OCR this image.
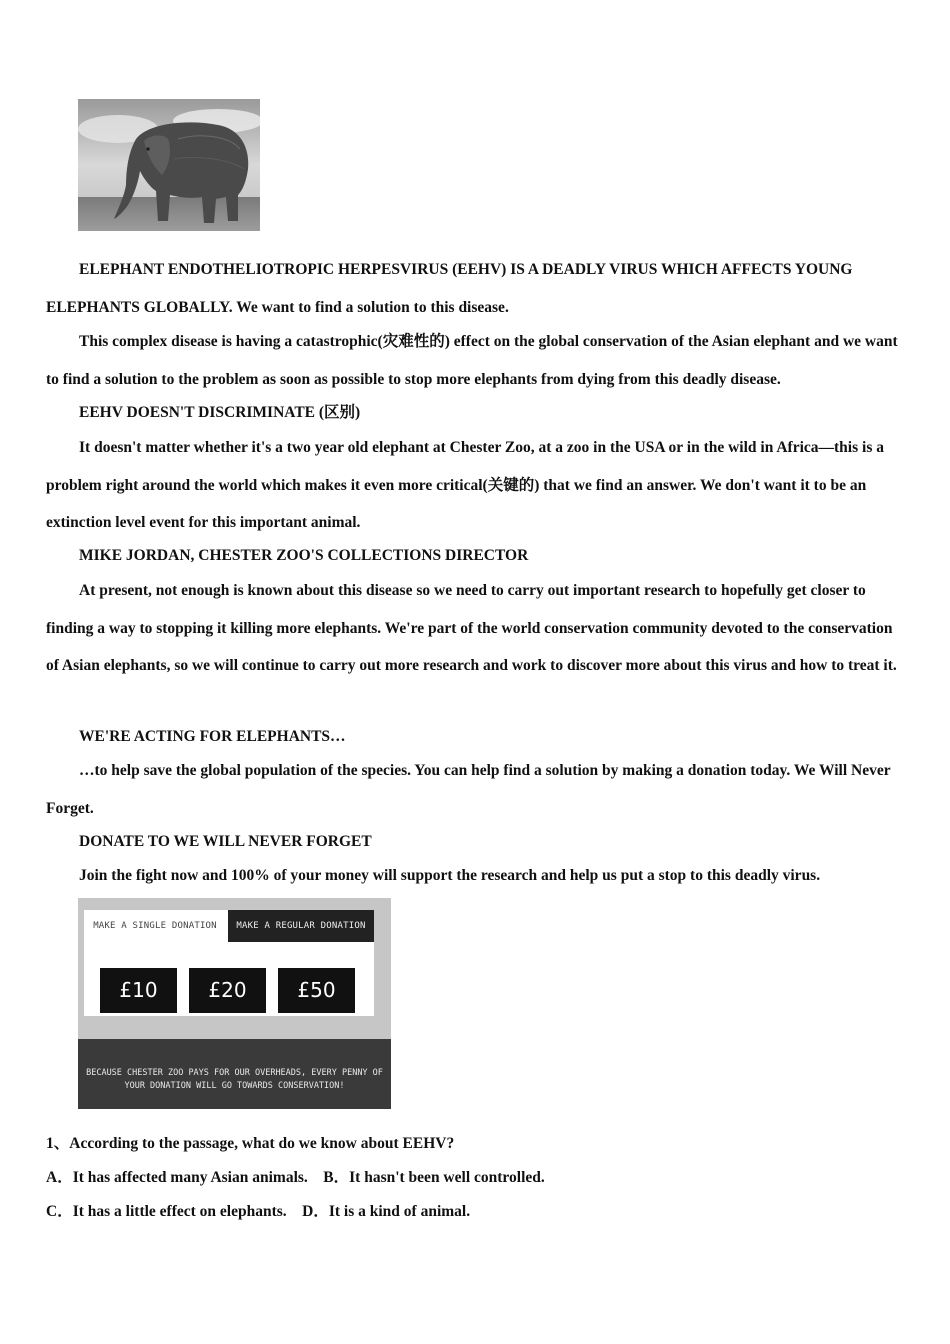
ELEPHANT ENDOTHELIOTROPIC HERPESVIRUS (EEHV) IS A DEADLY VIRUS WHICH AFFECTS YOUNG ELEPHANTS GLOBALLY. We want to find a solution to this disease.

This complex disease is having a catastrophic(灾难性的) effect on the global conservation of the Asian elephant and we want to find a solution to the problem as soon as possible to stop more elephants from dying from this deadly disease.

EEHV DOESN'T DISCRIMINATE (区别)

It doesn't matter whether it's a two year old elephant at Chester Zoo, at a zoo in the USA or in the wild in Africa—this is a problem right around the world which makes it even more critical(关键的) that we find an answer. We don't want it to be an extinction level event for this important animal.

MIKE JORDAN, CHESTER ZOO'S COLLECTIONS DIRECTOR

At present, not enough is known about this disease so we need to carry out important research to hopefully get closer to finding a way to stopping it killing more elephants. We're part of the world conservation community devoted to the conservation of Asian elephants, so we will continue to carry out more research and work to discover more about this virus and how to treat it.

WE'RE ACTING FOR ELEPHANTS…

…to help save the global population of the species. You can help find a solution by making a donation today. We Will Never Forget.

DONATE TO WE WILL NEVER FORGET

Join the fight now and 100% of your money will support the research and help us put a stop to this deadly virus.

MAKE A SINGLE DONATION	MAKE A REGULAR DONATION
£10	£20	£50
BECAUSE CHESTER ZOO PAYS FOR OUR OVERHEADS, EVERY PENNY OF YOUR DONATION WILL GO TOWARDS CONSERVATION!

1、According to the passage, what do we know about EEHV?

A．It has affected many Asian animals.　B．It hasn't been well controlled.

C．It has a little effect on elephants.　D．It is a kind of animal.
